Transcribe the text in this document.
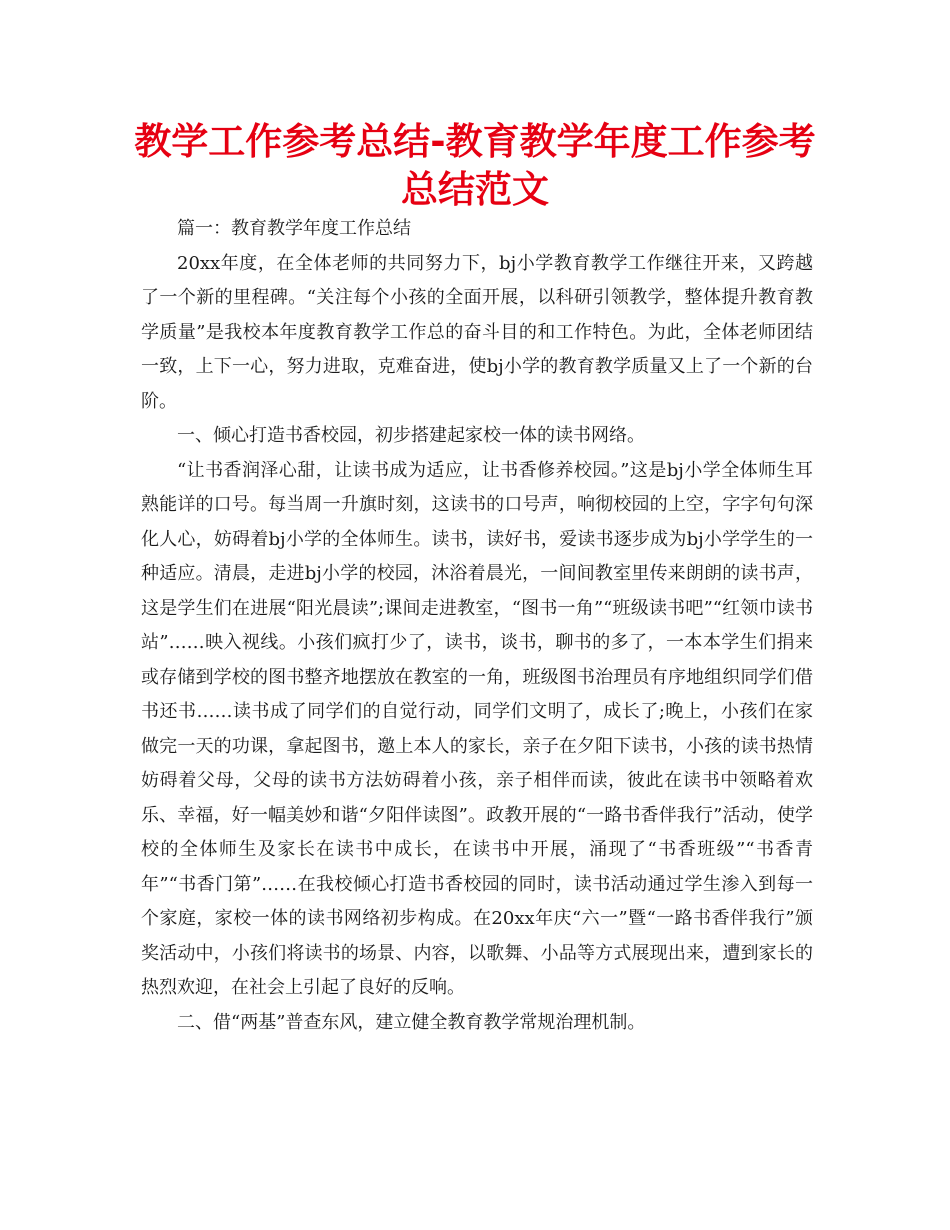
教学工作参考总结-教育教学年度工作参考总结范文

篇一：教育教学年度工作总结

20xx年度，在全体老师的共同努力下，bj小学教育教学工作继往开来，又跨越了一个新的里程碑。“关注每个小孩的全面开展，以科研引领教学，整体提升教育教学质量”是我校本年度教育教学工作总的奋斗目的和工作特色。为此，全体老师团结一致，上下一心，努力进取，克难奋进，使bj小学的教育教学质量又上了一个新的台阶。

一、倾心打造书香校园，初步搭建起家校一体的读书网络。

“让书香润泽心甜，让读书成为适应，让书香修养校园。”这是bj小学全体师生耳熟能详的口号。每当周一升旗时刻，这读书的口号声，响彻校园的上空，字字句句深化人心，妨碍着bj小学的全体师生。读书，读好书，爱读书逐步成为bj小学学生的一种适应。清晨，走进bj小学的校园，沐浴着晨光，一间间教室里传来朗朗的读书声，这是学生们在进展“阳光晨读”;课间走进教室，“图书一角”“班级读书吧”“红领巾读书站”……映入视线。小孩们疯打少了，读书，谈书，聊书的多了，一本本学生们捐来或存储到学校的图书整齐地摆放在教室的一角，班级图书治理员有序地组织同学们借书还书……读书成了同学们的自觉行动，同学们文明了，成长了;晚上，小孩们在家做完一天的功课，拿起图书，邀上本人的家长，亲子在夕阳下读书，小孩的读书热情妨碍着父母，父母的读书方法妨碍着小孩，亲子相伴而读，彼此在读书中领略着欢乐、幸福，好一幅美妙和谐“夕阳伴读图”。政教开展的“一路书香伴我行”活动，使学校的全体师生及家长在读书中成长，在读书中开展，涌现了“书香班级”“书香青年”“书香门第”……在我校倾心打造书香校园的同时，读书活动通过学生渗入到每一个家庭，家校一体的读书网络初步构成。在20xx年庆“六一”暨“一路书香伴我行”颁奖活动中，小孩们将读书的场景、内容，以歌舞、小品等方式展现出来，遭到家长的热烈欢迎，在社会上引起了良好的反响。

二、借“两基”普查东风，建立健全教育教学常规治理机制。
